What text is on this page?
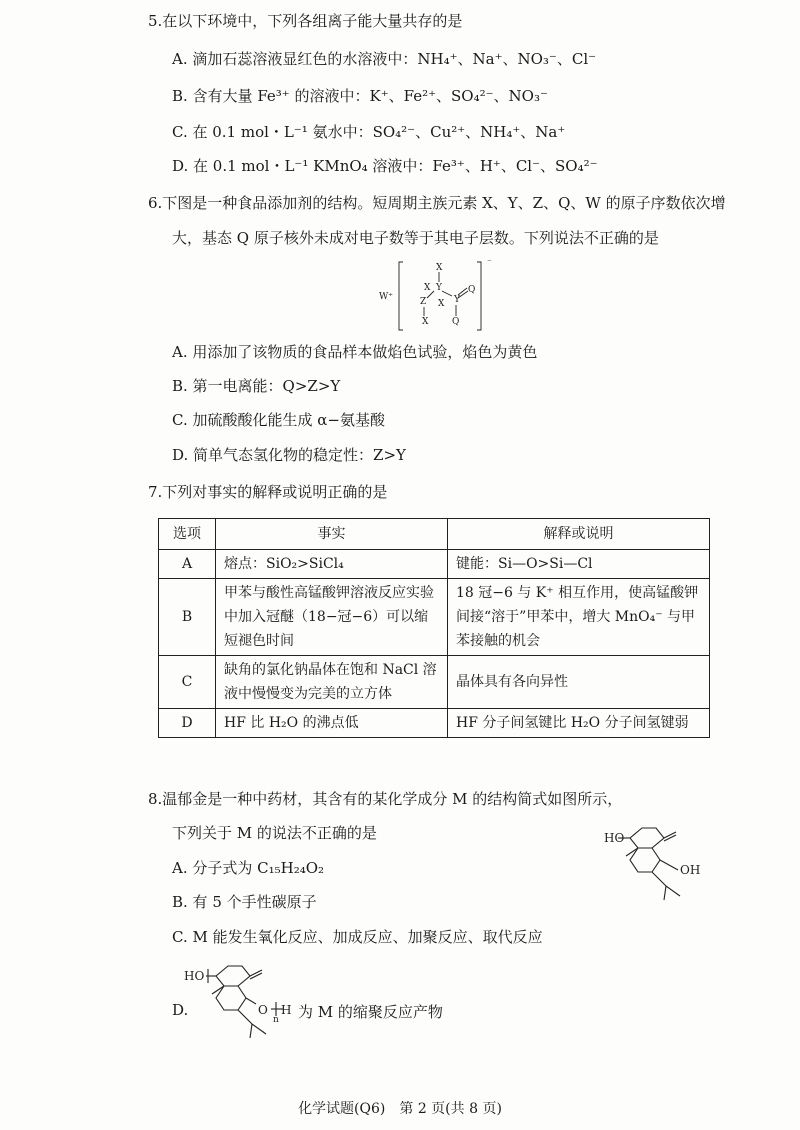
5.在以下环境中，下列各组离子能大量共存的是
A. 滴加石蕊溶液显红色的水溶液中：NH₄⁺、Na⁺、NO₃⁻、Cl⁻
B. 含有大量 Fe³⁺ 的溶液中：K⁺、Fe²⁺、SO₄²⁻、NO₃⁻
C. 在 0.1 mol・L⁻¹ 氨水中：SO₄²⁻、Cu²⁺、NH₄⁺、Na⁺
D. 在 0.1 mol・L⁻¹ KMnO₄ 溶液中：Fe³⁺、H⁺、Cl⁻、SO₄²⁻
6.下图是一种食品添加剂的结构。短周期主族元素 X、Y、Z、Q、W 的原子序数依次增
大，基态 Q 原子核外未成对电子数等于其电子层数。下列说法不正确的是
W⁺
X
Y
X
Z X Y
Q
X	Q
⁻
A. 用添加了该物质的食品样本做焰色试验，焰色为黄色
B. 第一电离能：Q>Z>Y
C. 加硫酸酸化能生成 α−氨基酸
D. 简单气态氢化物的稳定性：Z>Y
7.下列对事实的解释或说明正确的是
选项	事实	解释或说明
A	熔点：SiO₂>SiCl₄	键能：Si—O>Si—Cl
B	甲苯与酸性高锰酸钾溶液反应实验中加入冠醚（18−冠−6）可以缩短褪色时间	18 冠−6 与 K⁺ 相互作用，使高锰酸钾间接“溶于”甲苯中，增大 MnO₄⁻ 与甲苯接触的机会
C	缺角的氯化钠晶体在饱和 NaCl 溶液中慢慢变为完美的立方体	晶体具有各向异性
D	HF 比 H₂O 的沸点低	HF 分子间氢键比 H₂O 分子间氢键弱
8.温郁金是一种中药材，其含有的某化学成分 M 的结构简式如图所示，
下列关于 M 的说法不正确的是
A. 分子式为 C₁₅H₂₄O₂
B. 有 5 个手性碳原子
C. M 能发生氧化反应、加成反应、加聚反应、取代反应
HO
OH
D.
HO
O
n
H 为 M 的缩聚反应产物
化学试题(Q6)　第 2 页(共 8 页)
